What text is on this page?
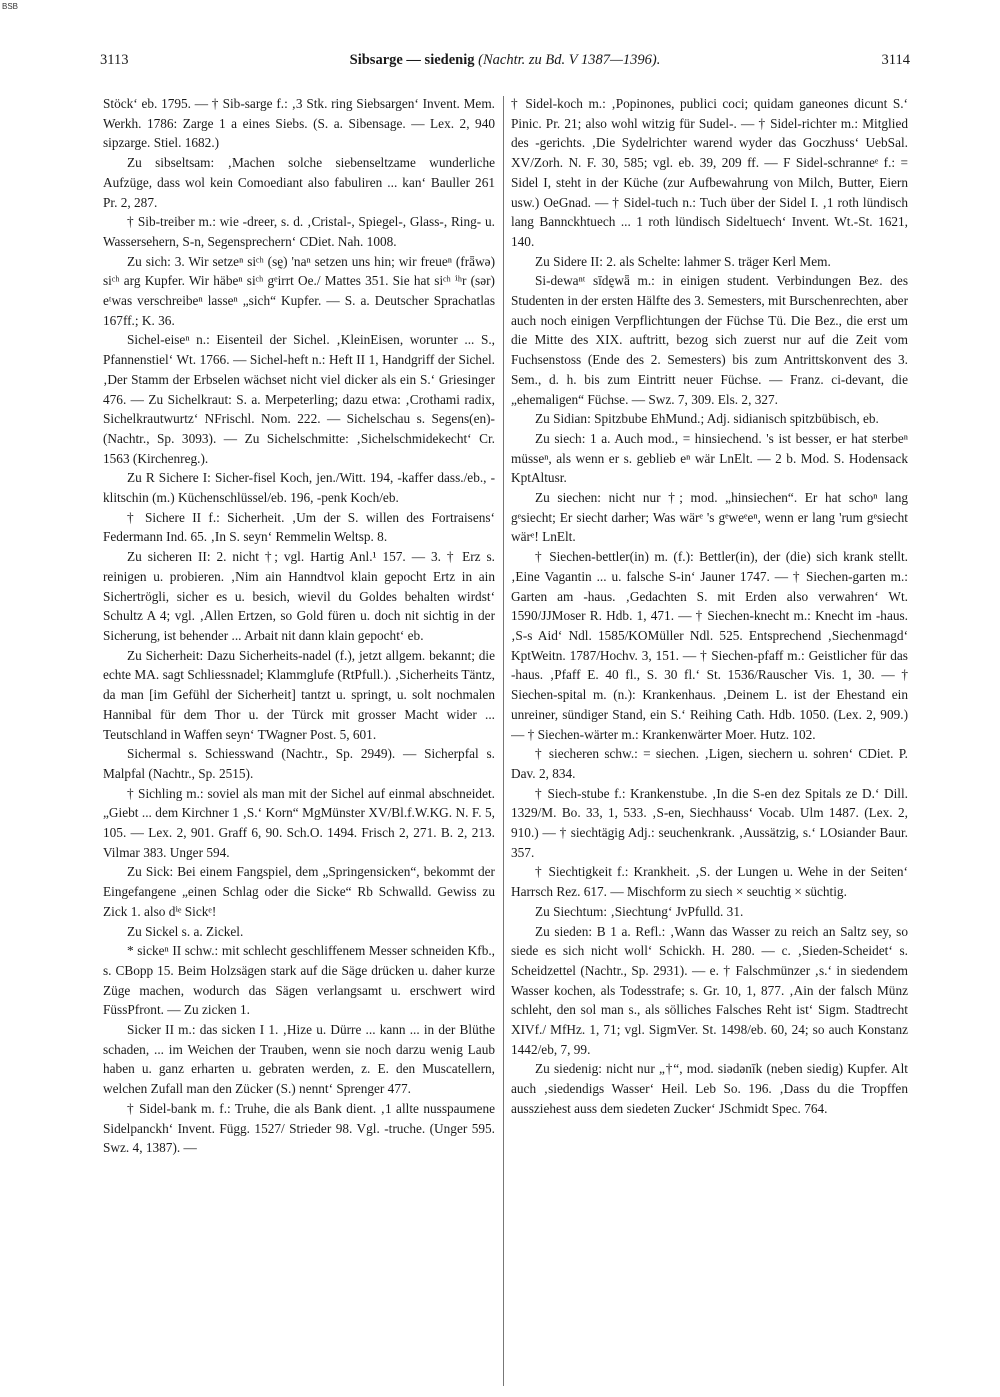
BSB
3113	Sibsarge — siedenig (Nachtr. zu Bd. V 1387—1396).	3114

Stöck‘ eb. 1795. — † Sib-sarge f.: ‚3 Stk. ring Siebsargen‘ Invent. Mem. Werkh. 1786: Zarge 1 a eines Siebs. (S. a. Sibensage. — Lex. 2, 940 sipzarge. Stiel. 1682.)

Zu sibseltsam: ‚Machen solche siebenseltzame wunderliche Aufzüge, dass wol kein Comoediant also fabuliren ... kan‘ Bauller 261 Pr. 2, 287.

† Sib-treiber m.: wie -dreer, s. d. ‚Cristal-, Spiegel-, Glass-, Ring- u. Wassersehern, S-n, Segensprechern‘ CDiet. Nah. 1008.

Zu sich: 3. Wir setzeⁿ siᶜʰ (sḛ) 'naⁿ setzen uns hin; wir freueⁿ (frǟwə) siᶜʰ arg Kupfer. Wir häbeⁿ siᶜʰ gᵉirrt Oe./ Mattes 351. Sie hat siᶜʰ ⁱʰr (sər) eᵗwas verschreibeⁿ lasseⁿ „sich“ Kupfer. — S. a. Deutscher Sprachatlas 167ff.; K. 36.

Sichel-eiseⁿ n.: Eisenteil der Sichel. ‚KleinEisen, worunter ... S., Pfannenstiel‘ Wt. 1766. — Sichel-heft n.: Heft II 1, Handgriff der Sichel. ‚Der Stamm der Erbselen wächset nicht viel dicker als ein S.‘ Griesinger 476. — Zu Sichelkraut: S. a. Merpeterling; dazu etwa: ‚Crothami radix, Sichelkrautwurtz‘ NFrischl. Nom. 222. — Sichelschau s. Segens(en)- (Nachtr., Sp. 3093). — Zu Sichelschmitte: ‚Sichelschmidekecht‘ Cr. 1563 (Kirchenreg.).

Zu R Sichere I: Sicher-fisel Koch, jen./Witt. 194, -kaffer dass./eb., -klitschin (m.) Küchenschlüssel/eb. 196, -penk Koch/eb.

† Sichere II f.: Sicherheit. ‚Um der S. willen des Fortraisens‘ Federmann Ind. 65. ‚In S. seyn‘ Remmelin Weltsp. 8.

Zu sicheren II: 2. nicht †; vgl. Hartig Anl.¹ 157. — 3. † Erz s. reinigen u. probieren. ‚Nim ain Hanndtvol klain gepocht Ertz in ain Sichertrögli, sicher es u. besich, wievil du Goldes behalten wirdst‘ Schultz A 4; vgl. ‚Allen Ertzen, so Gold füren u. doch nit sichtig in der Sicherung, ist behender ... Arbait nit dann klain gepocht‘ eb.

Zu Sicherheit: Dazu Sicherheits-nadel (f.), jetzt allgem. bekannt; die echte MA. sagt Schliessnadel; Klammglufe (RtPfull.). ‚Sicherheits Täntz, da man [im Gefühl der Sicherheit] tantzt u. springt, u. solt nochmalen Hannibal für dem Thor u. der Türck mit grosser Macht wider ... Teutschland in Waffen seyn‘ TWagner Post. 5, 601.

Sichermal s. Schiesswand (Nachtr., Sp. 2949). — Sicherpfal s. Malpfal (Nachtr., Sp. 2515).

† Sichling m.: soviel als man mit der Sichel auf einmal abschneidet. „Giebt ... dem Kirchner 1 ‚S.‘ Korn“ MgMünster XV/Bl.f.W.KG. N. F. 5, 105. — Lex. 2, 901. Graff 6, 90. Sch.O. 1494. Frisch 2, 271. B. 2, 213. Vilmar 383. Unger 594.

Zu Sick: Bei einem Fangspiel, dem „Springensicken“, bekommt der Eingefangene „einen Schlag oder die Sicke“ Rb Schwalld. Gewiss zu Zick 1. also dⁱᵉ Sickᵉ!

Zu Sickel s. a. Zickel.

* sickeⁿ II schw.: mit schlecht geschliffenem Messer schneiden Kfb., s. CBopp 15. Beim Holzsägen stark auf die Säge drücken u. daher kurze Züge machen, wodurch das Sägen verlangsamt u. erschwert wird FüssPfront. — Zu zicken 1.

Sicker II m.: das sicken I 1. ‚Hize u. Dürre ... kann ... in der Blüthe schaden, ... im Weichen der Trauben, wenn sie noch darzu wenig Laub haben u. ganz erharten u. gebraten werden, z. E. den Muscatellern, welchen Zufall man den Zücker (S.) nennt‘ Sprenger 477.

† Sidel-bank m. f.: Truhe, die als Bank dient. ‚1 allte nusspaumene Sidelpanckh‘ Invent. Függ. 1527/ Strieder 98. Vgl. -truche. (Unger 595. Swz. 4, 1387). —

† Sidel-koch m.: ‚Popinones, publici coci; quidam ganeones dicunt S.‘ Pinic. Pr. 21; also wohl witzig für Sudel-. — † Sidel-richter m.: Mitglied des -gerichts. ‚Die Sydelrichter warend wyder das Goczhuss‘ UebSal. XV/Zorh. N. F. 30, 585; vgl. eb. 39, 209 ff. — F Sidel-schranneᵉ f.: = Sidel I, steht in der Küche (zur Aufbewahrung von Milch, Butter, Eiern usw.) OeGnad. — † Sidel-tuch n.: Tuch über der Sidel I. ‚1 roth lündisch lang Bannckhtuech ... 1 roth lündisch Sideltuech‘ Invent. Wt.-St. 1621, 140.

Zu Sidere II: 2. als Schelte: lahmer S. träger Kerl Mem.

Si-dewaⁿᵗ sīdḛwǟ m.: in einigen student. Verbindungen Bez. des Studenten in der ersten Hälfte des 3. Semesters, mit Burschenrechten, aber auch noch einigen Verpflichtungen der Füchse Tü. Die Bez., die erst um die Mitte des XIX. auftritt, bezog sich zuerst nur auf die Zeit vom Fuchsenstoss (Ende des 2. Semesters) bis zum Antrittskonvent des 3. Sem., d. h. bis zum Eintritt neuer Füchse. — Franz. ci-devant, die „ehemaligen“ Füchse. — Swz. 7, 309. Els. 2, 327.

Zu Sidian: Spitzbube EhMund.; Adj. sidianisch spitzbübisch, eb.

Zu siech: 1 a. Auch mod., = hinsiechend. 's ist besser, er hat sterbeⁿ müsseⁿ, als wenn er s. geblieb eⁿ wär LnElt. — 2 b. Mod. S. Hodensack KptAltusr.

Zu siechen: nicht nur †; mod. „hinsiechen“. Er hat schoⁿ lang gᵉsiecht; Er siecht darher; Was wärᵉ 's gᵉweᵉeⁿ, wenn er lang 'rum gᵉsiecht wärᵉ! LnElt.

† Siechen-bettler(in) m. (f.): Bettler(in), der (die) sich krank stellt. ‚Eine Vagantin ... u. falsche S-in‘ Jauner 1747. — † Siechen-garten m.: Garten am -haus. ‚Gedachten S. mit Erden also verwahren‘ Wt. 1590/JJMoser R. Hdb. 1, 471. — † Siechen-knecht m.: Knecht im -haus. ‚S-s Aid‘ Ndl. 1585/KOMüller Ndl. 525. Entsprechend ‚Siechenmagd‘ KptWeitn. 1787/Hochv. 3, 151. — † Siechen-pfaff m.: Geistlicher für das -haus. ‚Pfaff E. 40 fl., S. 30 fl.‘ St. 1536/Rauscher Vis. 1, 30. — † Siechen-spital m. (n.): Krankenhaus. ‚Deinem L. ist der Ehestand ein unreiner, sündiger Stand, ein S.‘ Reihing Cath. Hdb. 1050. (Lex. 2, 909.) — † Siechen-wärter m.: Krankenwärter Moer. Hutz. 102.

† siecheren schw.: = siechen. ‚Ligen, siechern u. sohren‘ CDiet. P. Dav. 2, 834.

† Siech-stube f.: Krankenstube. ‚In die S-en dez Spitals ze D.‘ Dill. 1329/M. Bo. 33, 1, 533. ‚S-en, Siechhauss‘ Vocab. Ulm 1487. (Lex. 2, 910.) — † siechtägig Adj.: seuchenkrank. ‚Aussätzig, s.‘ LOsiander Baur. 357.

† Siechtigkeit f.: Krankheit. ‚S. der Lungen u. Wehe in der Seiten‘ Harrsch Rez. 617. — Mischform zu siech × seuchtig × süchtig.

Zu Siechtum: ‚Siechtung‘ JvPfulld. 31.

Zu sieden: B 1 a. Refl.: ‚Wann das Wasser zu reich an Saltz sey, so siede es sich nicht woll‘ Schickh. H. 280. — c. ‚Sieden-Scheidet‘ s. Scheidzettel (Nachtr., Sp. 2931). — e. † Falschmünzer ‚s.‘ in siedendem Wasser kochen, als Todesstrafe; s. Gr. 10, 1, 877. ‚Ain der falsch Münz schleht, den sol man s., als sölliches Falsches Reht ist‘ Sigm. Stadtrecht XIVf./ MfHz. 1, 71; vgl. SigmVer. St. 1498/eb. 60, 24; so auch Konstanz 1442/eb, 7, 99.

Zu siedenig: nicht nur „†“, mod. siədənīk (neben siedig) Kupfer. Alt auch ‚siedendigs Wasser‘ Heil. Leb So. 196. ‚Dass du die Tropffen aussziehest auss dem siedeten Zucker‘ JSchmidt Spec. 764.
